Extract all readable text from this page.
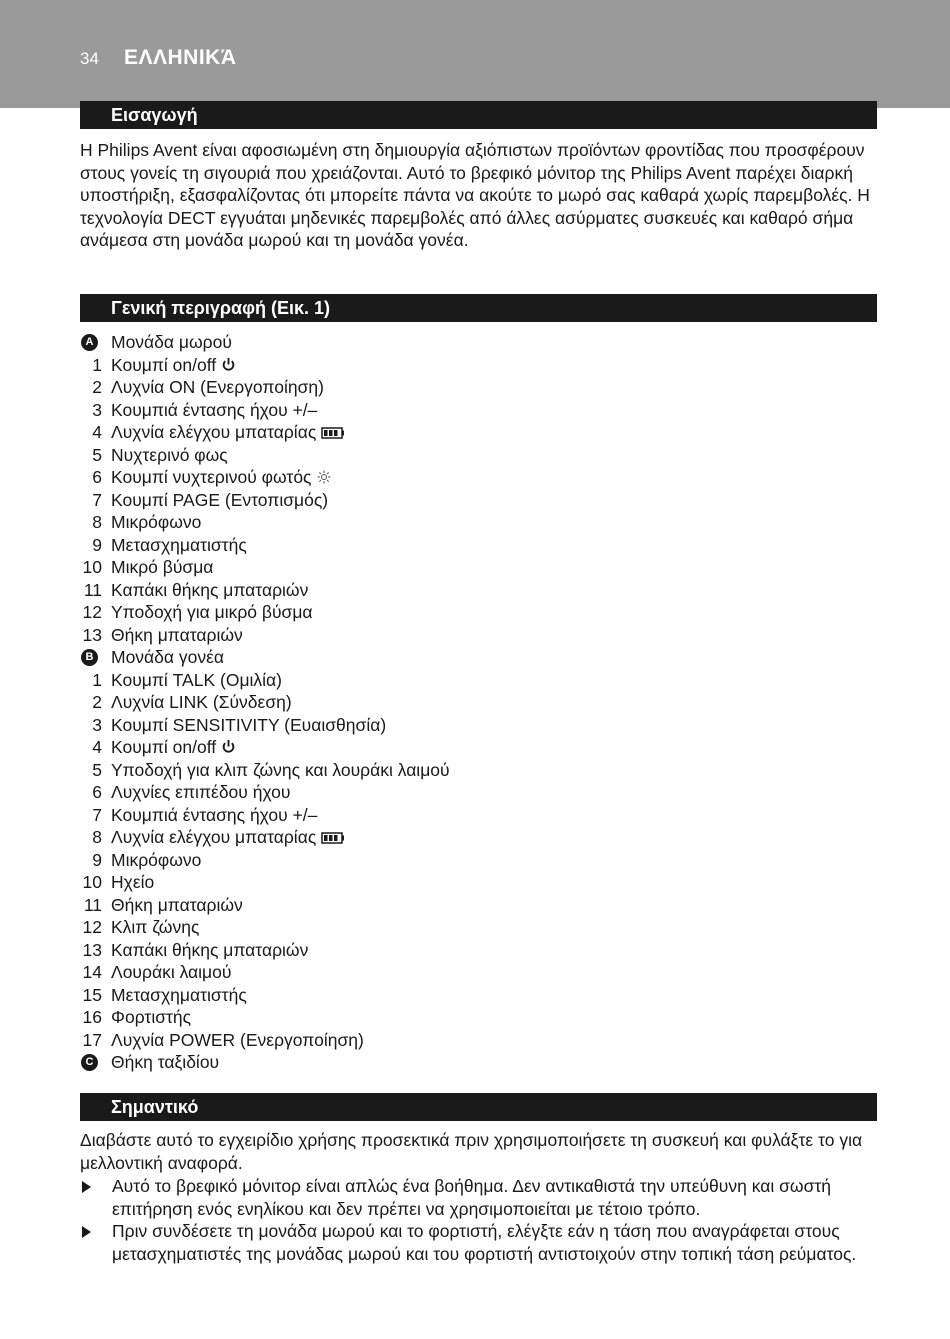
34 ΕΛΛΗΝΙΚΆ
Εισαγωγή

Η Philips Avent είναι αφοσιωμένη στη δημιουργία αξιόπιστων προϊόντων φροντίδας που προσφέρουν στους γονείς τη σιγουριά που χρειάζονται. Αυτό το βρεφικό μόνιτορ της Philips Avent παρέχει διαρκή υποστήριξη, εξασφαλίζοντας ότι μπορείτε πάντα να ακούτε το μωρό σας καθαρά χωρίς παρεμβολές. Η τεχνολογία DECT εγγυάται μηδενικές παρεμβολές από άλλες ασύρματες συσκευές και καθαρό σήμα ανάμεσα στη μονάδα μωρού και τη μονάδα γονέα.

Γενική περιγραφή (Εικ. 1)
A Μονάδα μωρού
1 Κουμπί on/off
2 Λυχνία ON (Ενεργοποίηση)
3 Κουμπιά έντασης ήχου +/–
4 Λυχνία ελέγχου μπαταρίας
5 Νυχτερινό φως
6 Κουμπί νυχτερινού φωτός
7 Κουμπί PAGE (Εντοπισμός)
8 Μικρόφωνο
9 Μετασχηματιστής
10 Μικρό βύσμα
11 Καπάκι θήκης μπαταριών
12 Υποδοχή για μικρό βύσμα
13 Θήκη μπαταριών
B Μονάδα γονέα
1 Κουμπί TALK (Ομιλία)
2 Λυχνία LINK (Σύνδεση)
3 Κουμπί SENSITIVITY (Ευαισθησία)
4 Κουμπί on/off
5 Υποδοχή για κλιπ ζώνης και λουράκι λαιμού
6 Λυχνίες επιπέδου ήχου
7 Κουμπιά έντασης ήχου +/–
8 Λυχνία ελέγχου μπαταρίας
9 Μικρόφωνο
10 Ηχείο
11 Θήκη μπαταριών
12 Κλιπ ζώνης
13 Καπάκι θήκης μπαταριών
14 Λουράκι λαιμού
15 Μετασχηματιστής
16 Φορτιστής
17 Λυχνία POWER (Ενεργοποίηση)
C Θήκη ταξιδίου
Σημαντικό

Διαβάστε αυτό το εγχειρίδιο χρήσης προσεκτικά πριν χρησιμοποιήσετε τη συσκευή και φυλάξτε το για μελλοντική αναφορά.

Αυτό το βρεφικό μόνιτορ είναι απλώς ένα βοήθημα. Δεν αντικαθιστά την υπεύθυνη και σωστή επιτήρηση ενός ενηλίκου και δεν πρέπει να χρησιμοποιείται με τέτοιο τρόπο.
Πριν συνδέσετε τη μονάδα μωρού και το φορτιστή, ελέγξτε εάν η τάση που αναγράφεται στους μετασχηματιστές της μονάδας μωρού και του φορτιστή αντιστοιχούν στην τοπική τάση ρεύματος.
